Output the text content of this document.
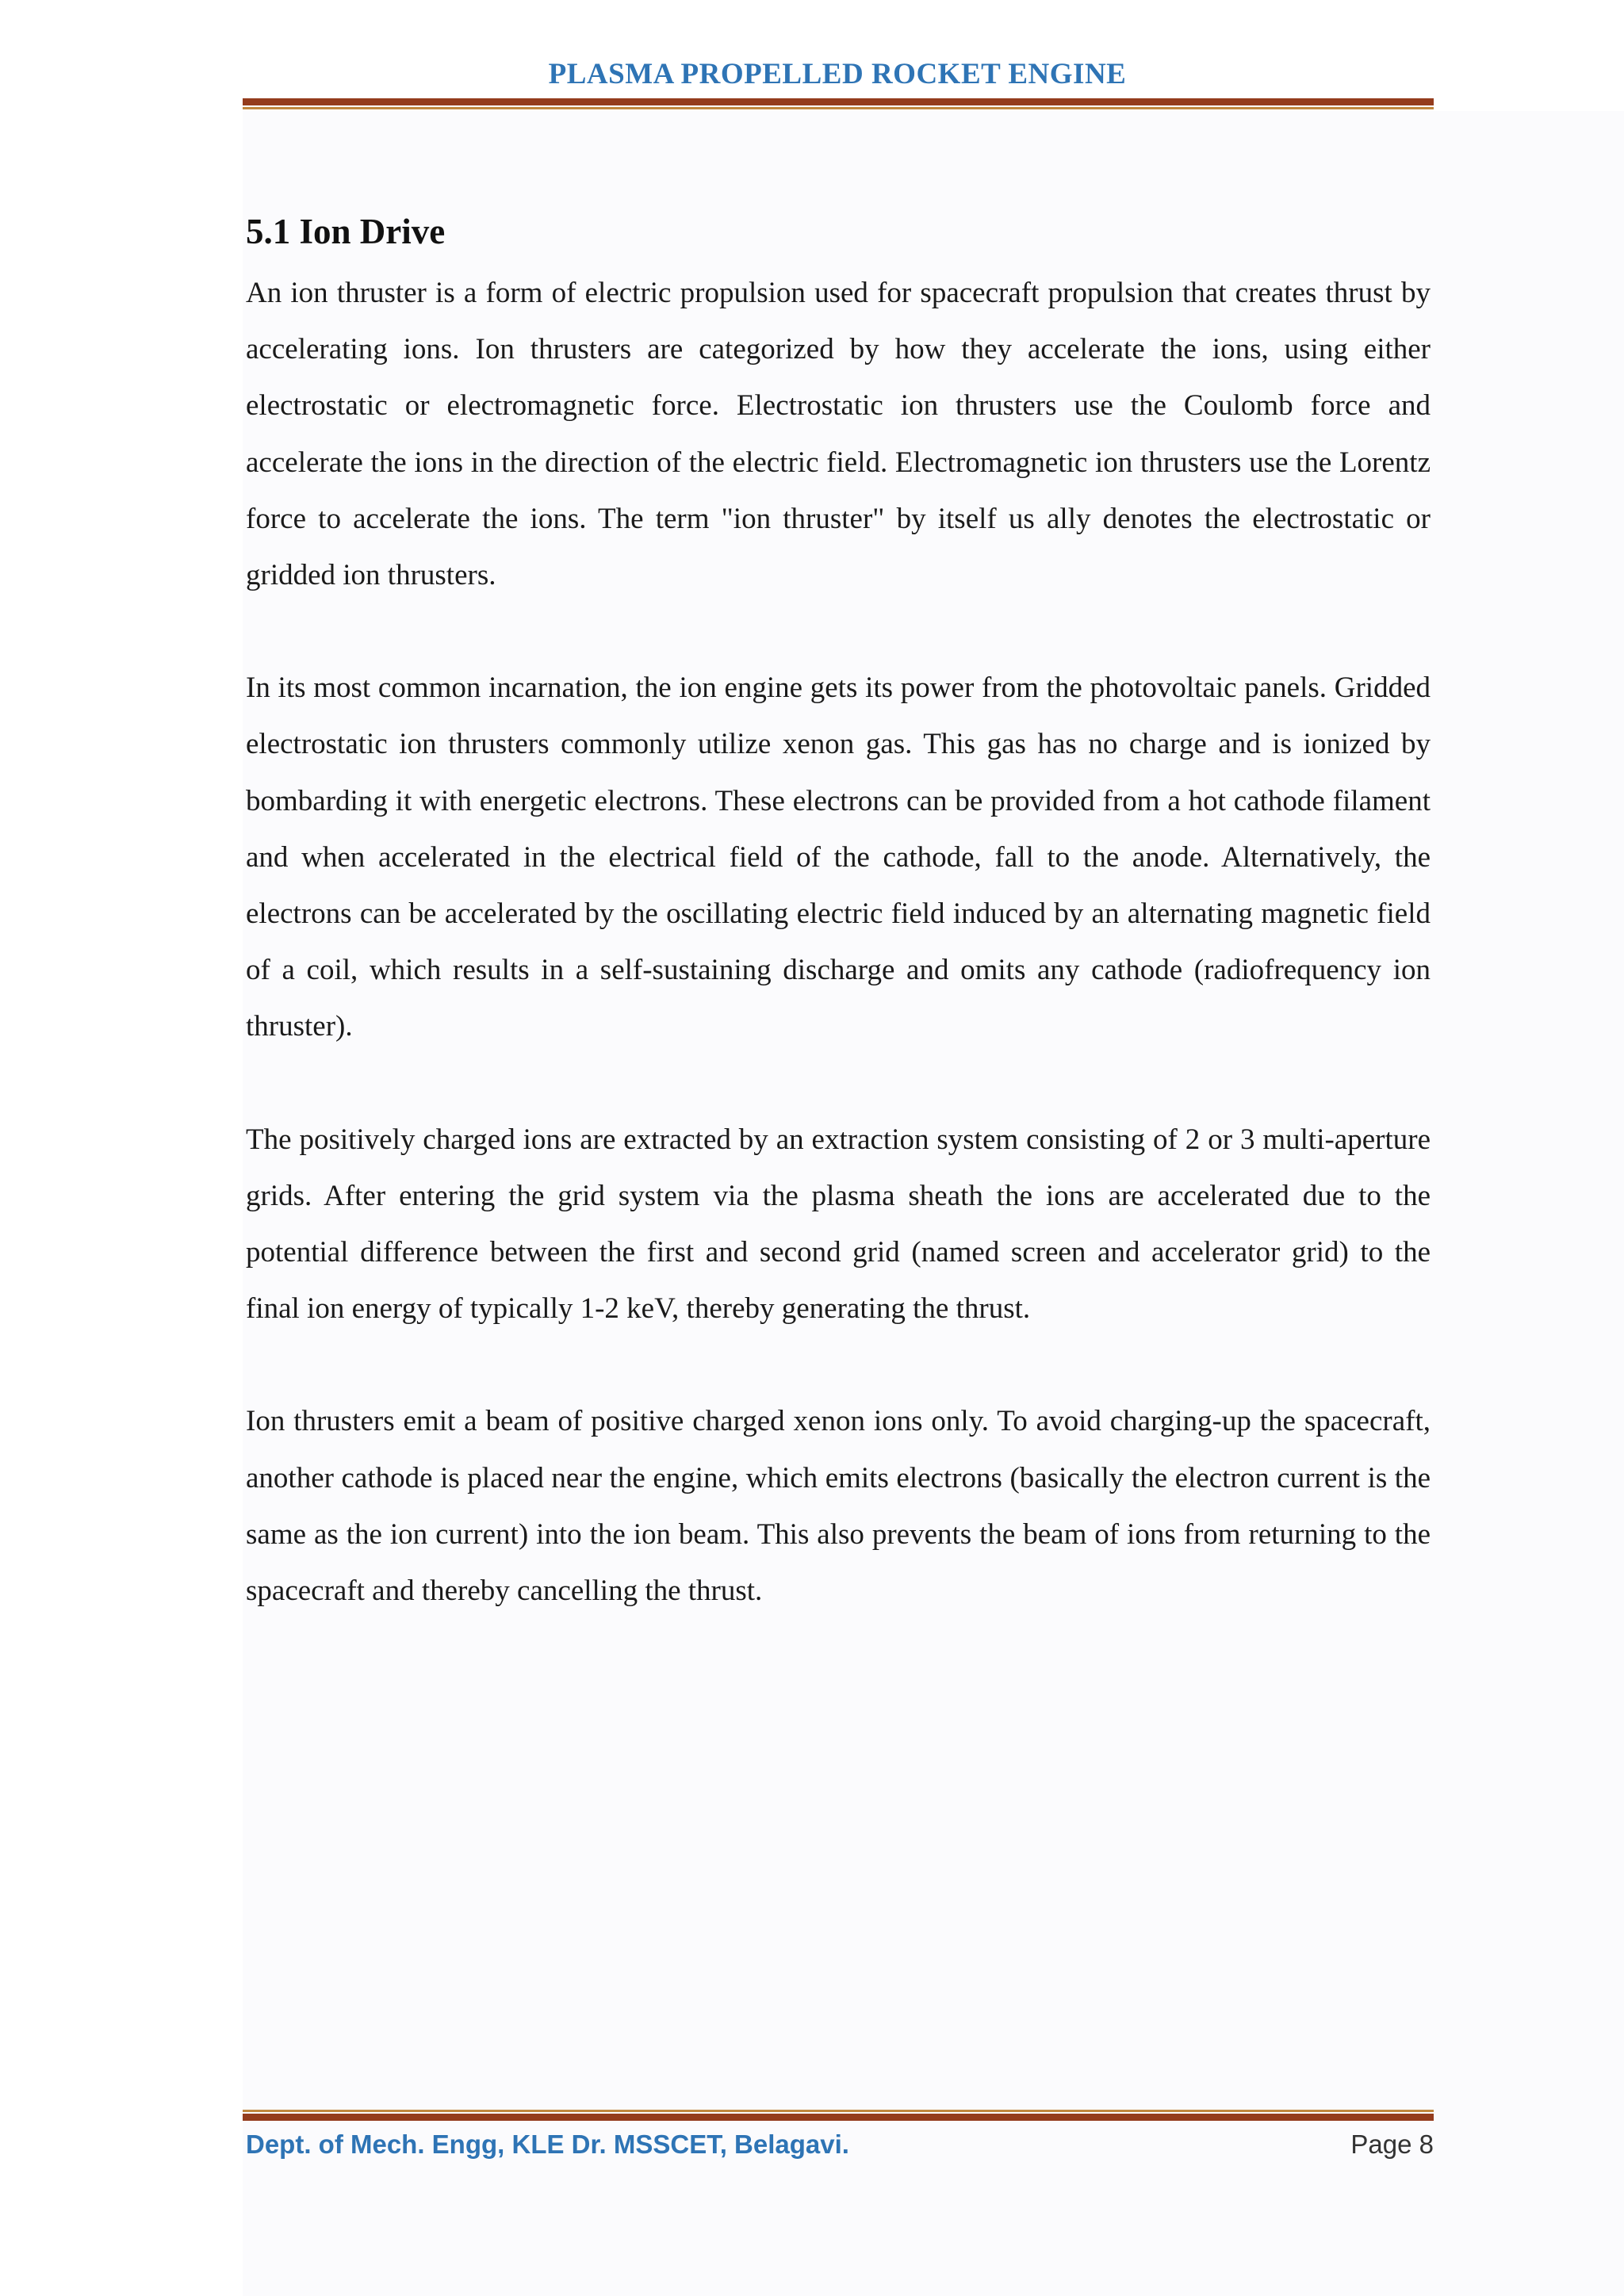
PLASMA PROPELLED ROCKET ENGINE
5.1 Ion Drive

An ion thruster is a form of electric propulsion used for spacecraft propulsion that creates thrust by accelerating ions. Ion thrusters are categorized by how they accelerate the ions, using either electrostatic or electromagnetic force. Electrostatic ion thrusters use the Coulomb force and accelerate the ions in the direction of the electric field. Electromagnetic ion thrusters use the Lorentz force to accelerate the ions. The term "ion thruster" by itself us ally denotes the electrostatic or gridded ion thrusters.

In its most common incarnation, the ion engine gets its power from the photovoltaic panels. Gridded electrostatic ion thrusters commonly utilize xenon gas. This gas has no charge and is ionized by bombarding it with energetic electrons. These electrons can be provided from a hot cathode filament and when accelerated in the electrical field of the cathode, fall to the anode. Alternatively, the electrons can be accelerated by the oscillating electric field induced by an alternating magnetic field of a coil, which results in a self-sustaining discharge and omits any cathode (radiofrequency ion thruster).

The positively charged ions are extracted by an extraction system consisting of 2 or 3 multi-aperture grids. After entering the grid system via the plasma sheath the ions are accelerated due to the potential difference between the first and second grid (named screen and accelerator grid) to the final ion energy of typically 1-2 keV, thereby generating the thrust.

Ion thrusters emit a beam of positive charged xenon ions only. To avoid charging-up the spacecraft, another cathode is placed near the engine, which emits electrons (basically the electron current is the same as the ion current) into the ion beam. This also prevents the beam of ions from returning to the spacecraft and thereby cancelling the thrust.

Dept. of Mech. Engg, KLE Dr. MSSCET, Belagavi.	Page 8
